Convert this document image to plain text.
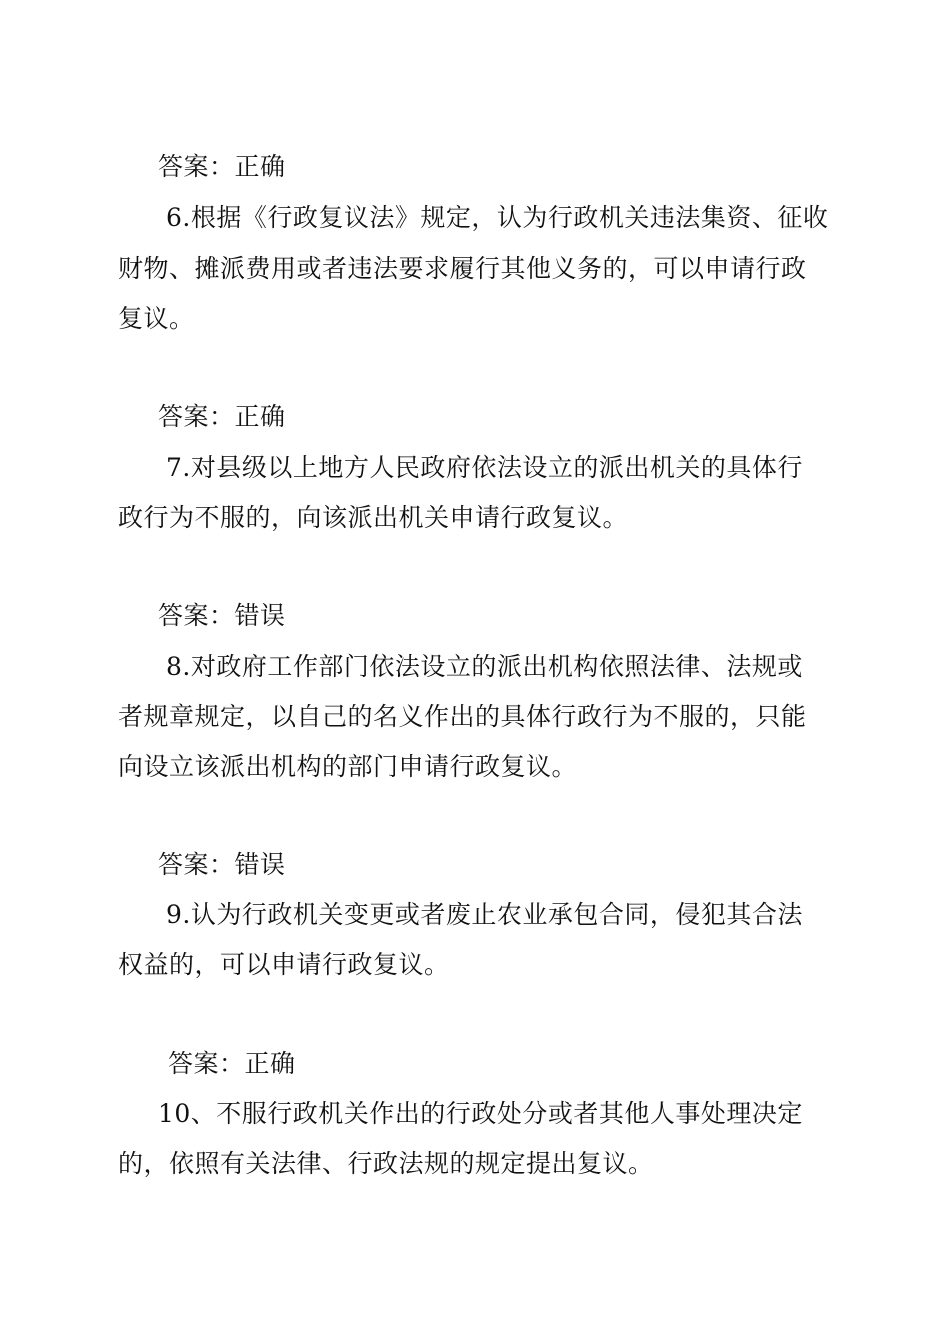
答案：正确
6.根据《行政复议法》规定，认为行政机关违法集资、征收
财物、摊派费用或者违法要求履行其他义务的，可以申请行政
复议。
答案：正确
7.对县级以上地方人民政府依法设立的派出机关的具体行
政行为不服的，向该派出机关申请行政复议。
答案：错误
8.对政府工作部门依法设立的派出机构依照法律、法规或
者规章规定，以自己的名义作出的具体行政行为不服的，只能
向设立该派出机构的部门申请行政复议。
答案：错误
9.认为行政机关变更或者废止农业承包合同，侵犯其合法
权益的，可以申请行政复议。
答案：正确
10、不服行政机关作出的行政处分或者其他人事处理决定
的，依照有关法律、行政法规的规定提出复议。
